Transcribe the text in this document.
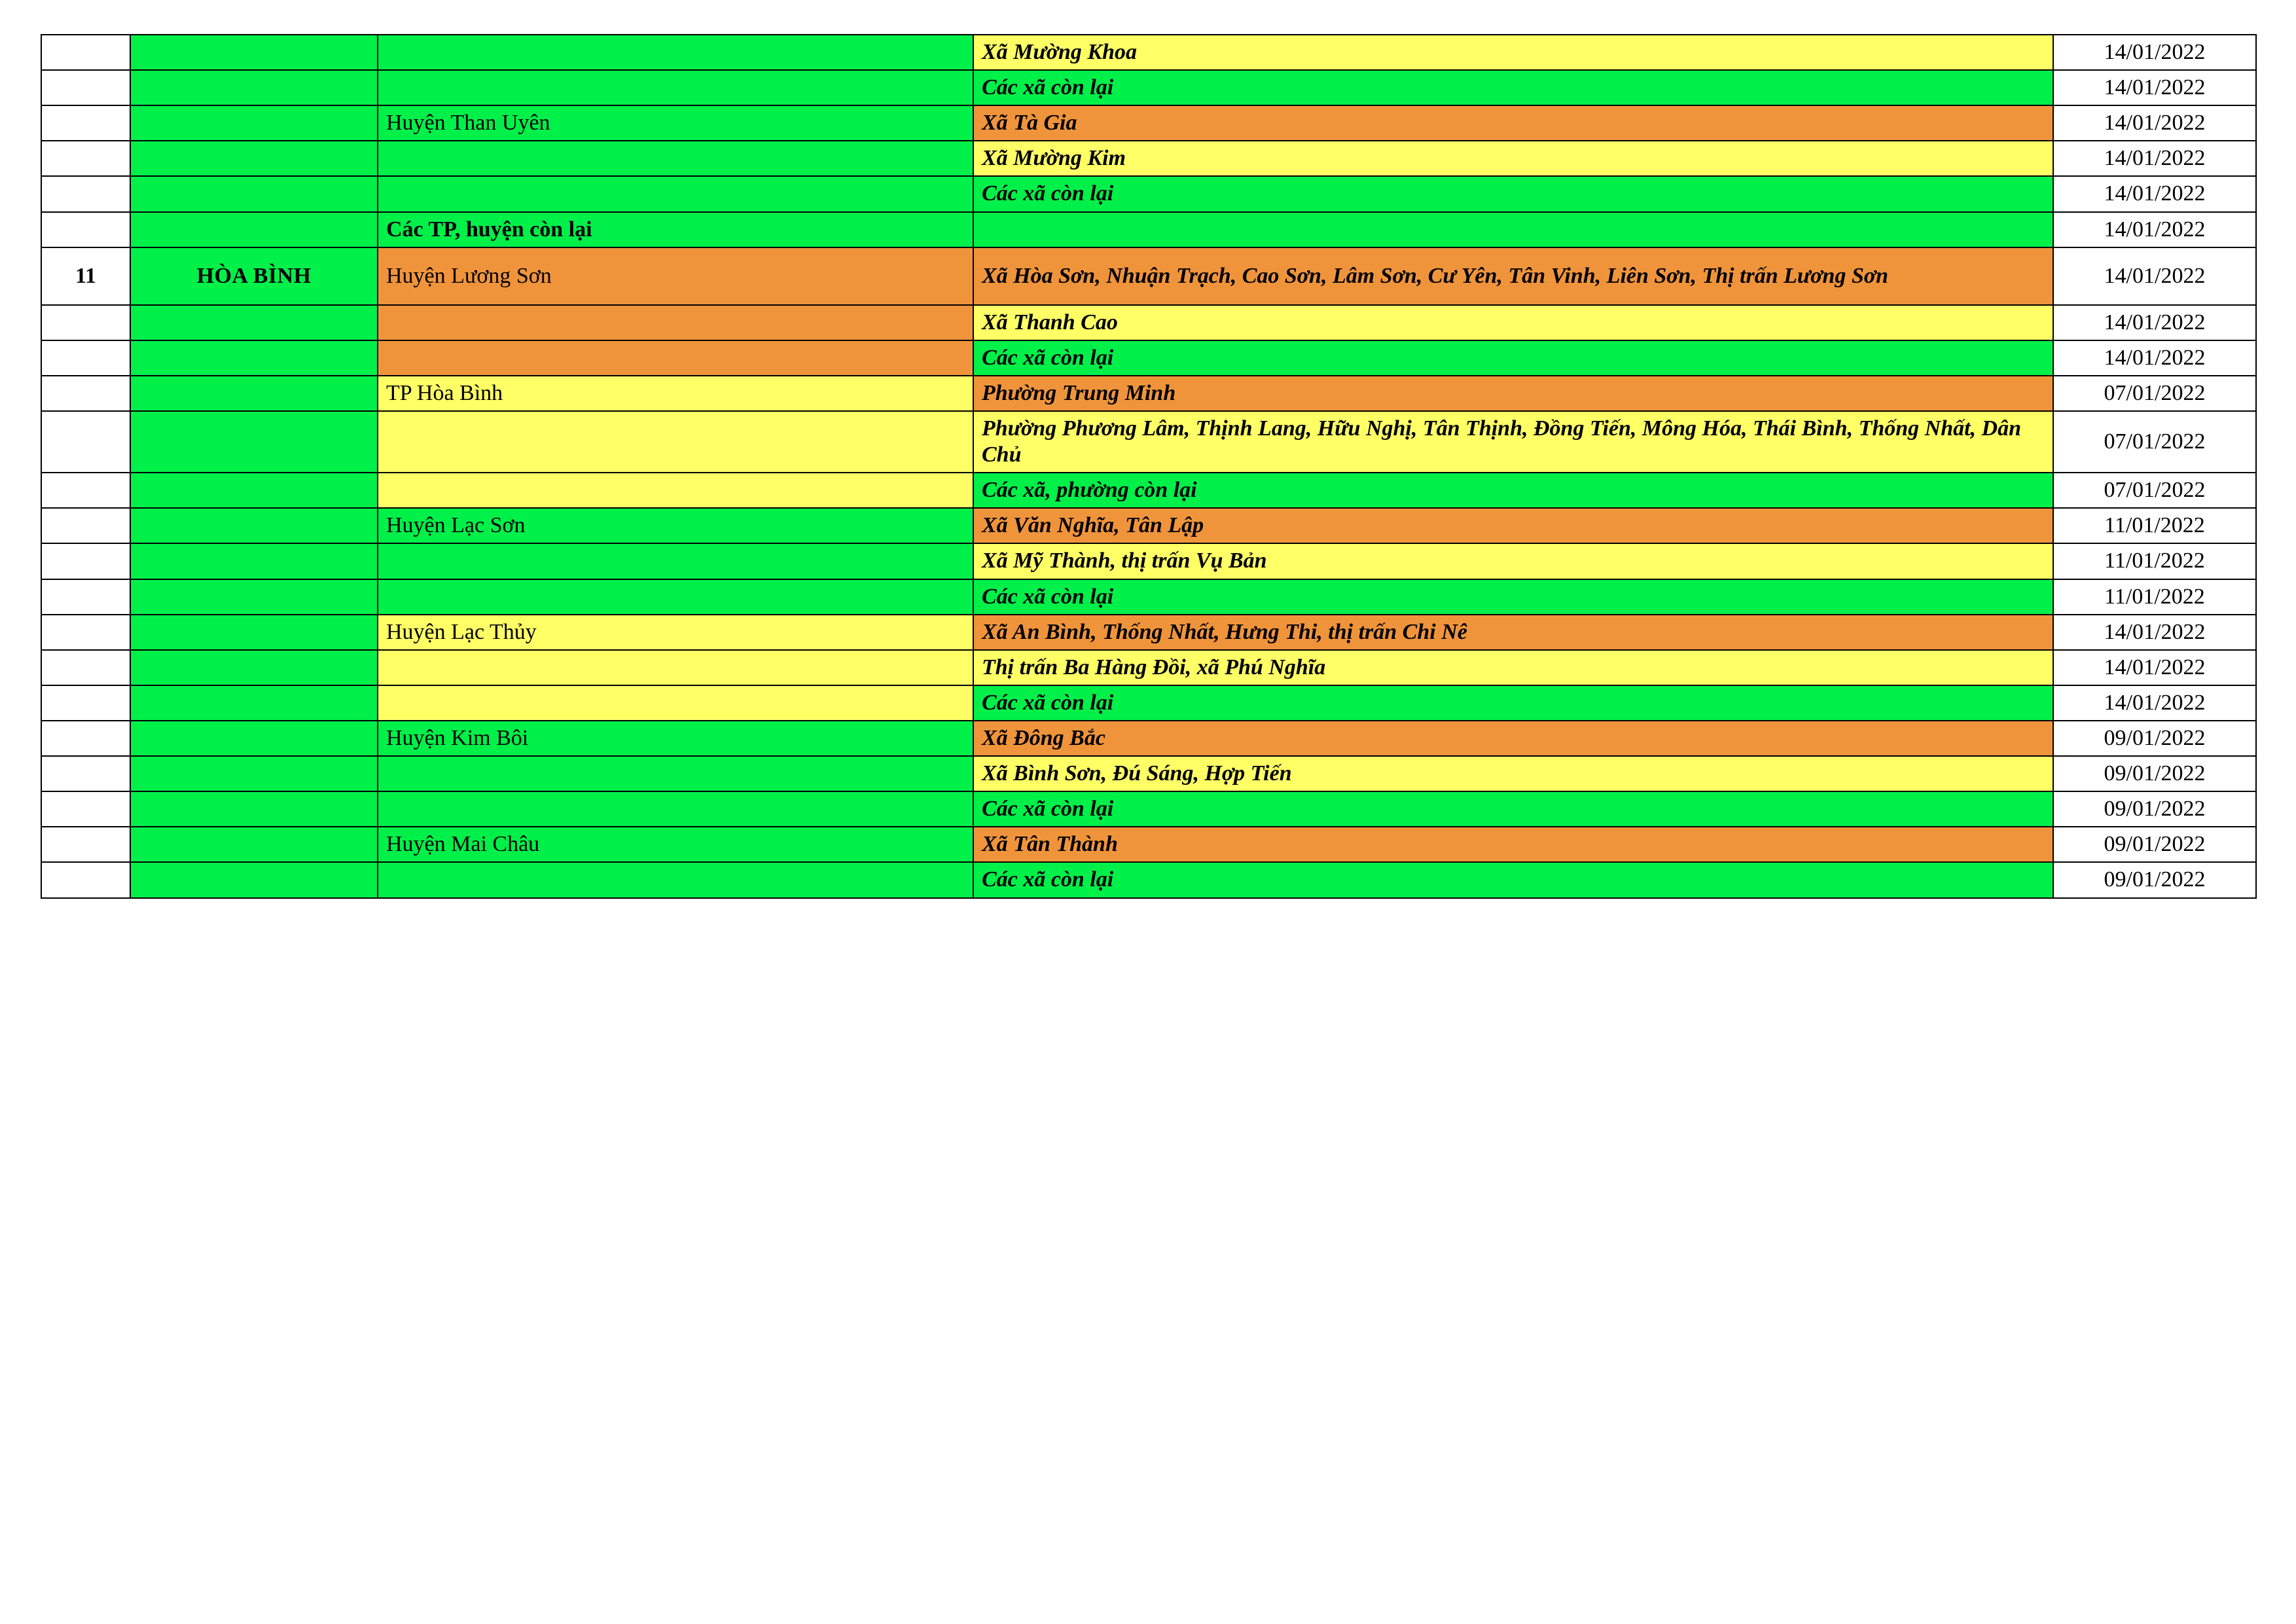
			Xã Mường Khoa	14/01/2022
			Các xã còn lại	14/01/2022
		Huyện Than Uyên	Xã Tà Gia	14/01/2022
			Xã Mường Kim	14/01/2022
			Các xã còn lại	14/01/2022
		Các TP, huyện còn lại		14/01/2022
11	HÒA BÌNH	Huyện Lương Sơn	Xã Hòa Sơn, Nhuận Trạch, Cao Sơn, Lâm Sơn, Cư Yên, Tân Vinh, Liên Sơn, Thị trấn Lương Sơn	14/01/2022
			Xã Thanh Cao	14/01/2022
			Các xã còn lại	14/01/2022
		TP Hòa Bình	Phường Trung Minh	07/01/2022
			Phường Phương Lâm, Thịnh Lang, Hữu Nghị, Tân Thịnh, Đồng Tiến, Mông Hóa, Thái Bình, Thống Nhất, Dân Chủ	07/01/2022
			Các xã, phường còn lại	07/01/2022
		Huyện Lạc Sơn	Xã Văn Nghĩa, Tân Lập	11/01/2022
			Xã Mỹ Thành, thị trấn Vụ Bản	11/01/2022
			Các xã còn lại	11/01/2022
		Huyện Lạc Thủy	Xã An Bình, Thống Nhất, Hưng Thi, thị trấn Chi Nê	14/01/2022
			Thị trấn Ba Hàng Đồi, xã Phú Nghĩa	14/01/2022
			Các xã còn lại	14/01/2022
		Huyện Kim Bôi	Xã Đông Bắc	09/01/2022
			Xã Bình Sơn, Đú Sáng, Hợp Tiến	09/01/2022
			Các xã còn lại	09/01/2022
		Huyện Mai Châu	Xã Tân Thành	09/01/2022
			Các xã còn lại	09/01/2022
